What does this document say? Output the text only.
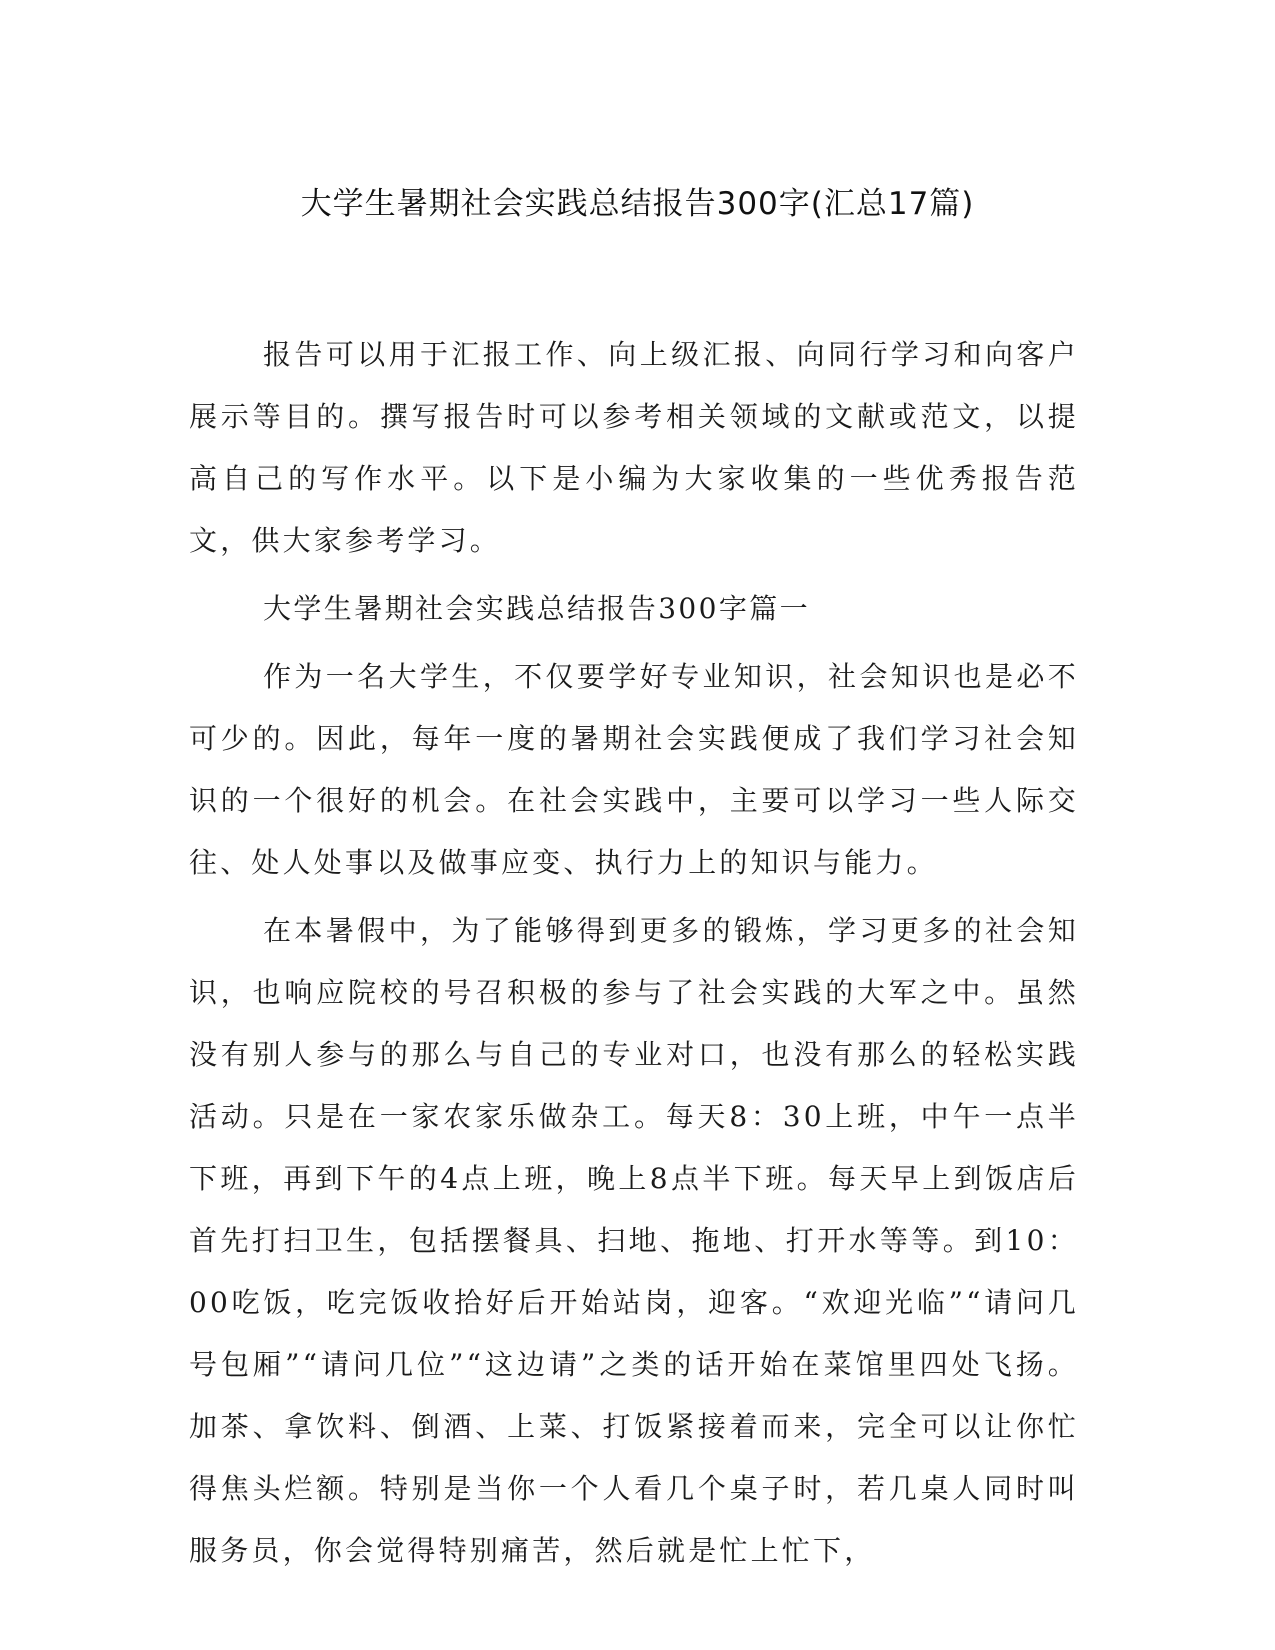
大学生暑期社会实践总结报告300字(汇总17篇)

报告可以用于汇报工作、向上级汇报、向同行学习和向客户展示等目的。撰写报告时可以参考相关领域的文献或范文，以提高自己的写作水平。以下是小编为大家收集的一些优秀报告范文，供大家参考学习。

大学生暑期社会实践总结报告300字篇一

作为一名大学生，不仅要学好专业知识，社会知识也是必不可少的。因此，每年一度的暑期社会实践便成了我们学习社会知识的一个很好的机会。在社会实践中，主要可以学习一些人际交往、处人处事以及做事应变、执行力上的知识与能力。

在本暑假中，为了能够得到更多的锻炼，学习更多的社会知识，也响应院校的号召积极的参与了社会实践的大军之中。虽然没有别人参与的那么与自己的专业对口，也没有那么的轻松实践活动。只是在一家农家乐做杂工。每天8：30上班，中午一点半下班，再到下午的4点上班，晚上8点半下班。每天早上到饭店后首先打扫卫生，包括摆餐具、扫地、拖地、打开水等等。到10：00吃饭，吃完饭收拾好后开始站岗，迎客。“欢迎光临”“请问几号包厢”“请问几位”“这边请”之类的话开始在菜馆里四处飞扬。加茶、拿饮料、倒酒、上菜、打饭紧接着而来，完全可以让你忙得焦头烂额。特别是当你一个人看几个桌子时，若几桌人同时叫服务员，你会觉得特别痛苦，然后就是忙上忙下，
